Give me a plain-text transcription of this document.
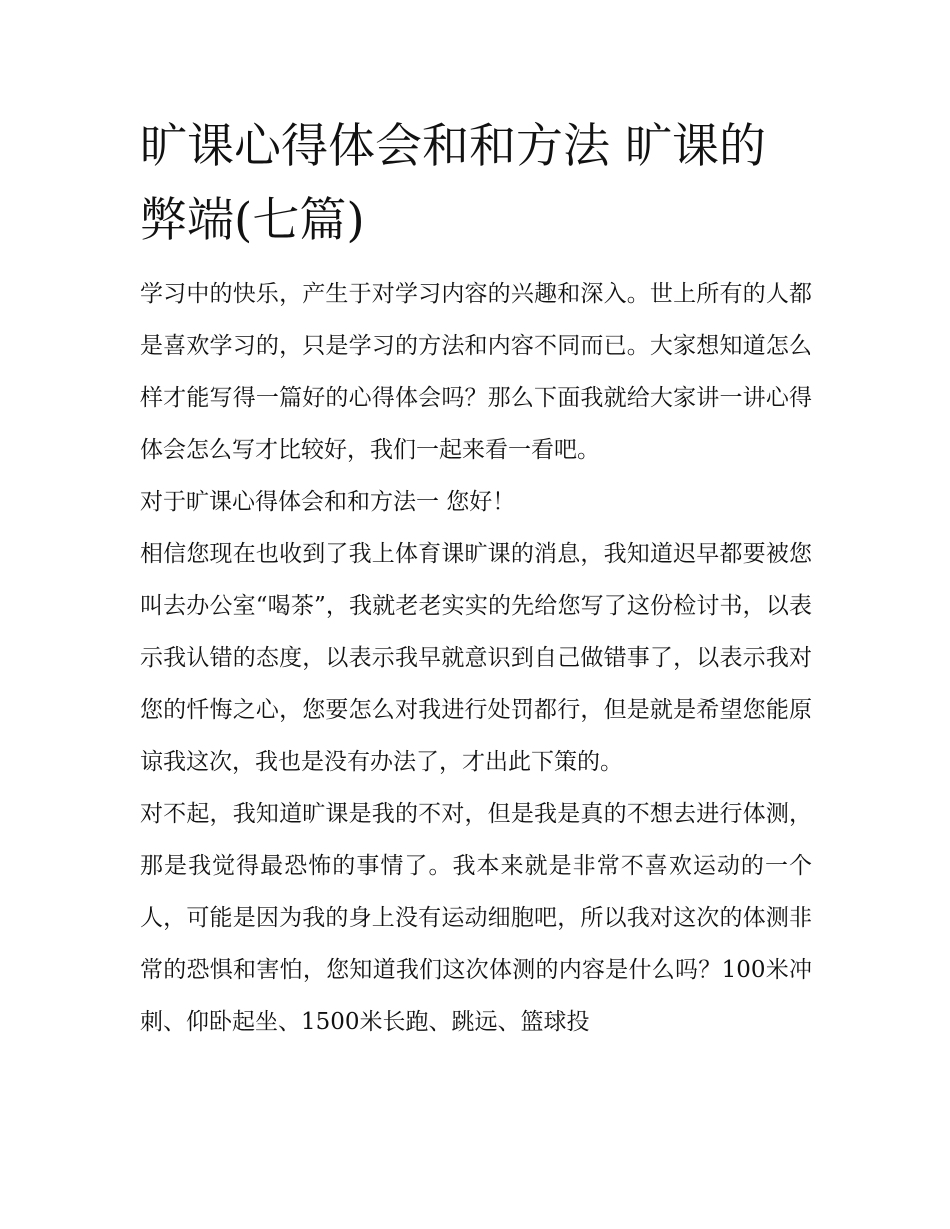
旷课心得体会和和方法 旷课的弊端(七篇)

学习中的快乐，产生于对学习内容的兴趣和深入。世上所有的人都是喜欢学习的，只是学习的方法和内容不同而已。大家想知道怎么样才能写得一篇好的心得体会吗？那么下面我就给大家讲一讲心得体会怎么写才比较好，我们一起来看一看吧。

对于旷课心得体会和和方法一 您好！

相信您现在也收到了我上体育课旷课的消息，我知道迟早都要被您叫去办公室“喝茶”，我就老老实实的先给您写了这份检讨书，以表示我认错的态度，以表示我早就意识到自己做错事了，以表示我对您的忏悔之心，您要怎么对我进行处罚都行，但是就是希望您能原谅我这次，我也是没有办法了，才出此下策的。

对不起，我知道旷课是我的不对，但是我是真的不想去进行体测，那是我觉得最恐怖的事情了。我本来就是非常不喜欢运动的一个人，可能是因为我的身上没有运动细胞吧，所以我对这次的体测非常的恐惧和害怕，您知道我们这次体测的内容是什么吗？100米冲刺、仰卧起坐、1500米长跑、跳远、篮球投
